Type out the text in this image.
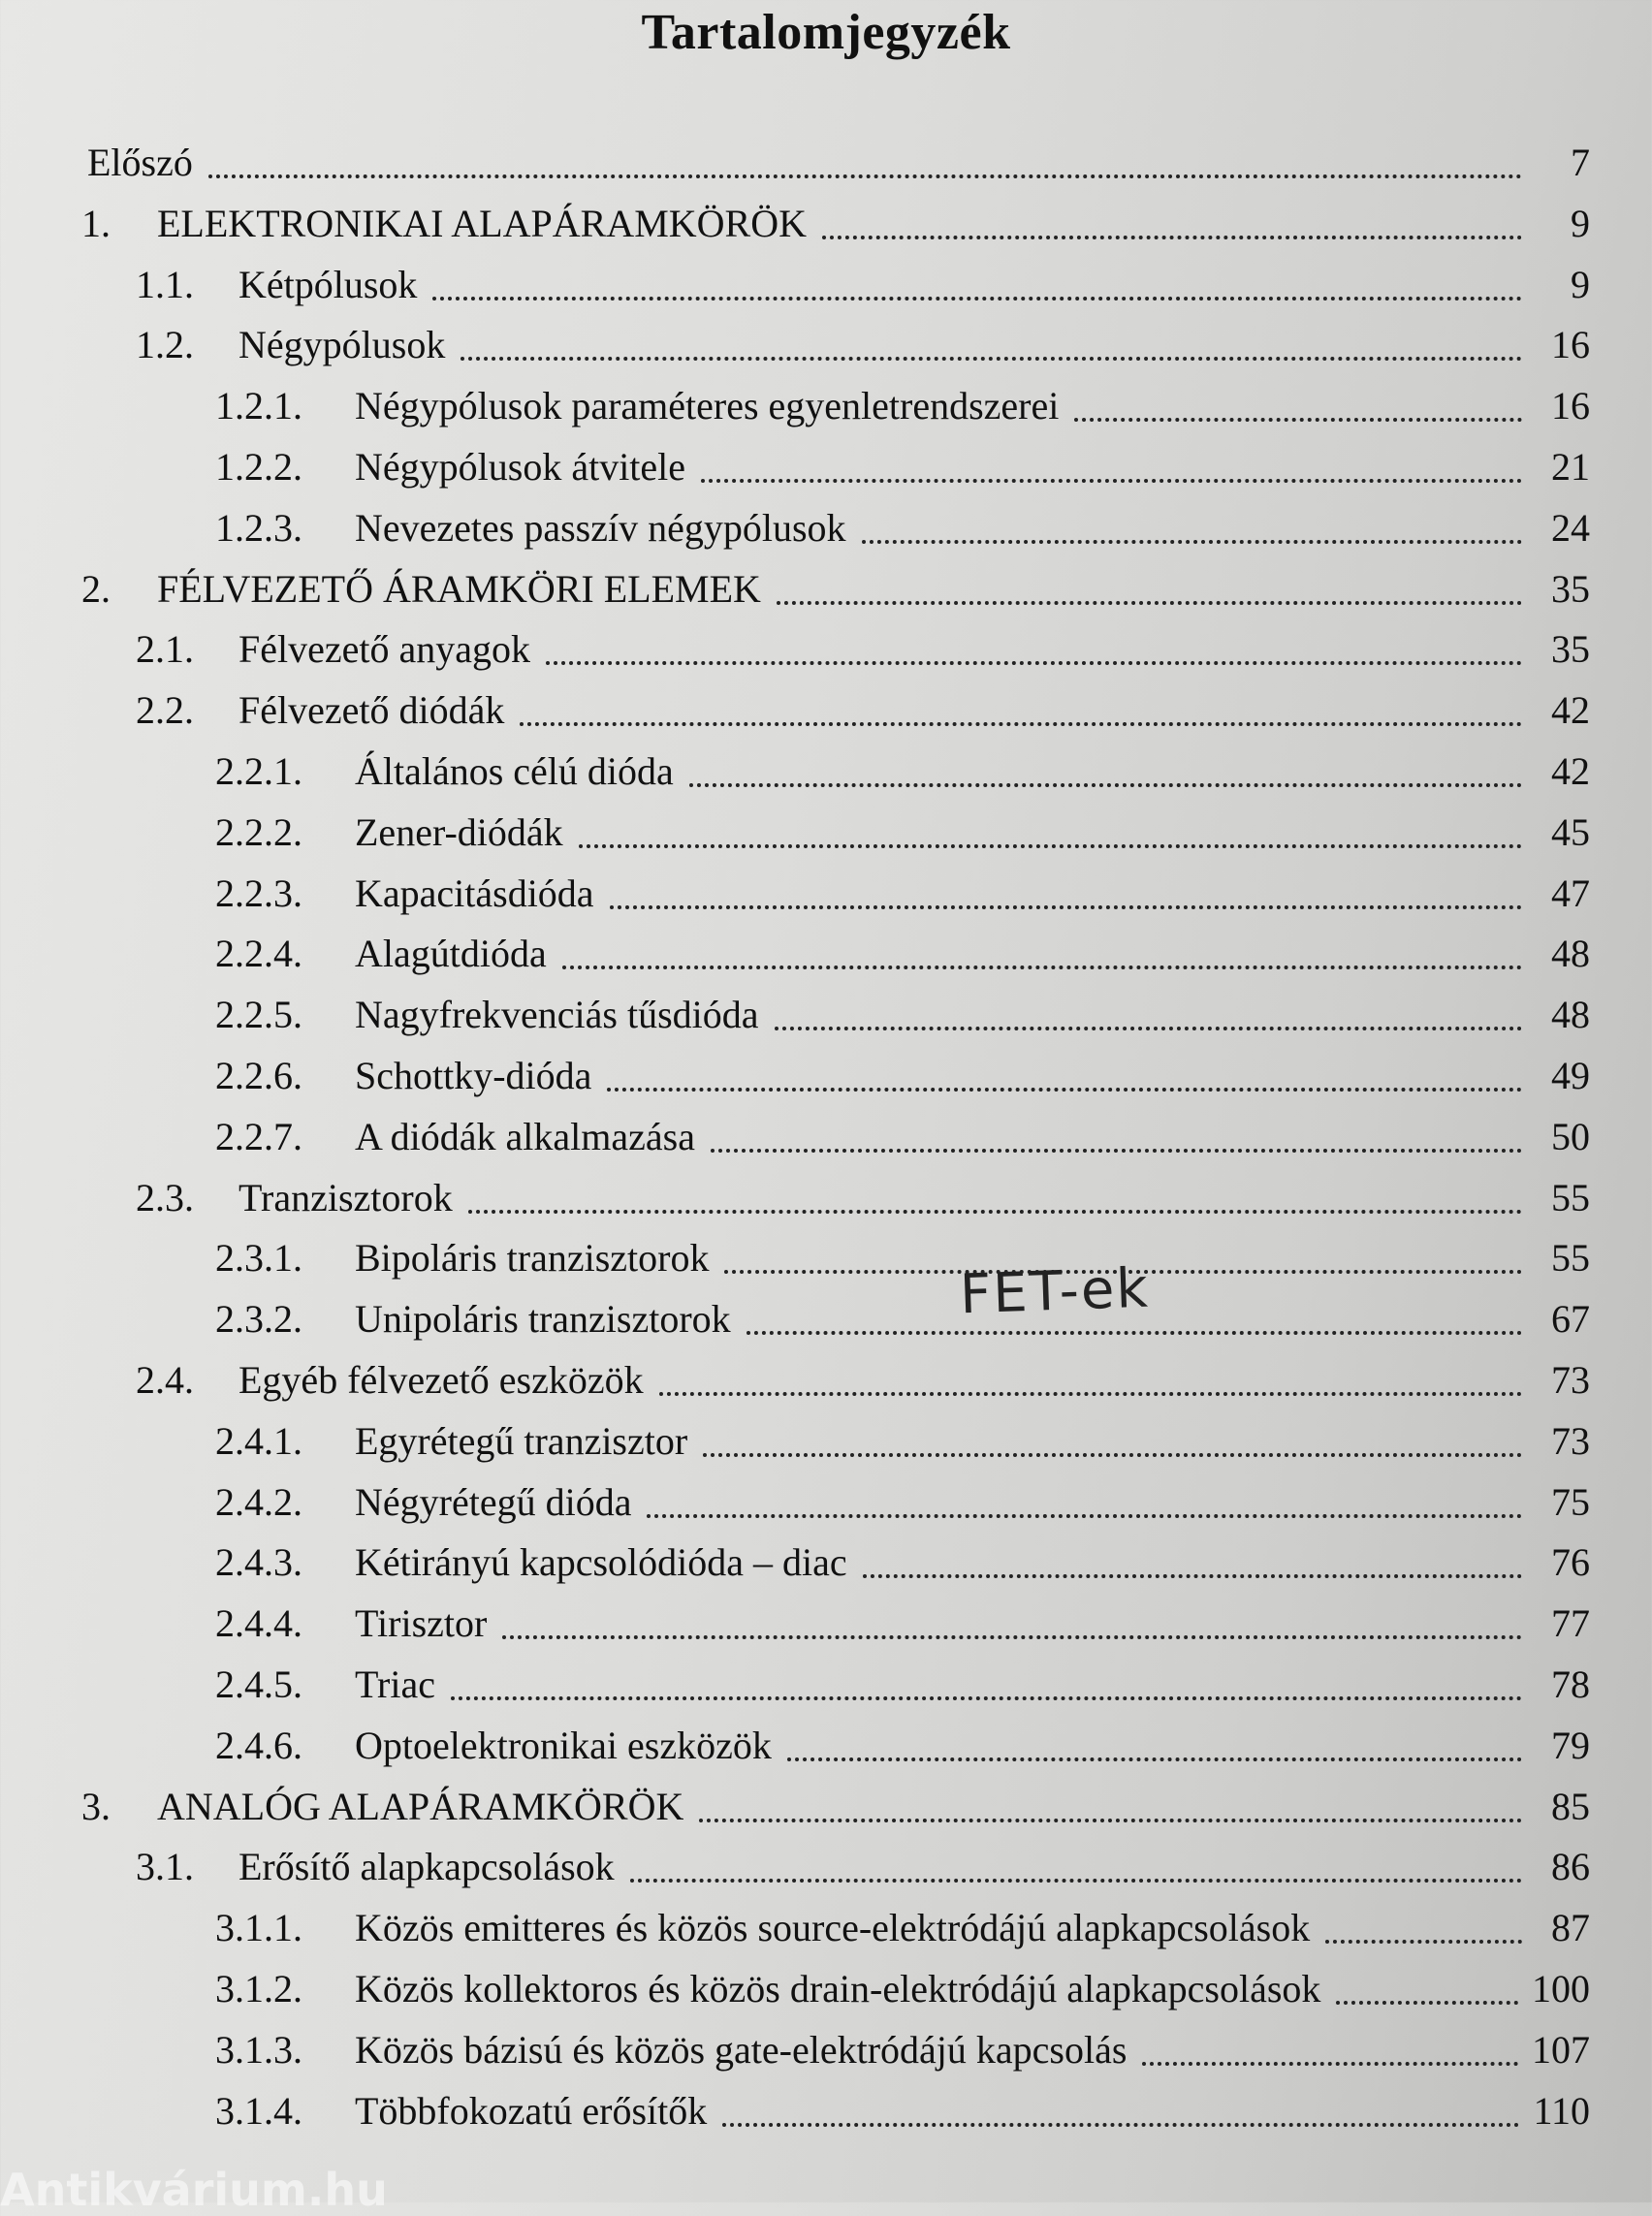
Tartalomjegyzék
Előszó	7
1.	ELEKTRONIKAI ALAPÁRAMKÖRÖK	9
1.1.	Kétpólusok	9
1.2.	Négypólusok	16
1.2.1.	Négypólusok paraméteres egyenletrendszerei	16
1.2.2.	Négypólusok átvitele	21
1.2.3.	Nevezetes passzív négypólusok	24
2.	FÉLVEZETŐ ÁRAMKÖRI ELEMEK	35
2.1.	Félvezető anyagok	35
2.2.	Félvezető diódák	42
2.2.1.	Általános célú dióda	42
2.2.2.	Zener-diódák	45
2.2.3.	Kapacitásdióda	47
2.2.4.	Alagútdióda	48
2.2.5.	Nagyfrekvenciás tűsdióda	48
2.2.6.	Schottky-dióda	49
2.2.7.	A diódák alkalmazása	50
2.3.	Tranzisztorok	55
2.3.1.	Bipoláris tranzisztorok	55
2.3.2.	Unipoláris tranzisztorok	67
2.4.	Egyéb félvezető eszközök	73
2.4.1.	Egyrétegű tranzisztor	73
2.4.2.	Négyrétegű dióda	75
2.4.3.	Kétirányú kapcsolódióda – diac	76
2.4.4.	Tirisztor	77
2.4.5.	Triac	78
2.4.6.	Optoelektronikai eszközök	79
3.	ANALÓG ALAPÁRAMKÖRÖK	85
3.1.	Erősítő alapkapcsolások	86
3.1.1.	Közös emitteres és közös source-elektródájú alapkapcsolások	87
3.1.2.	Közös kollektoros és közös drain-elektródájú alapkapcsolások	100
3.1.3.	Közös bázisú és közös gate-elektródájú kapcsolás	107
3.1.4.	Többfokozatú erősítők	110
FET-ek
Antikvárium.hu
